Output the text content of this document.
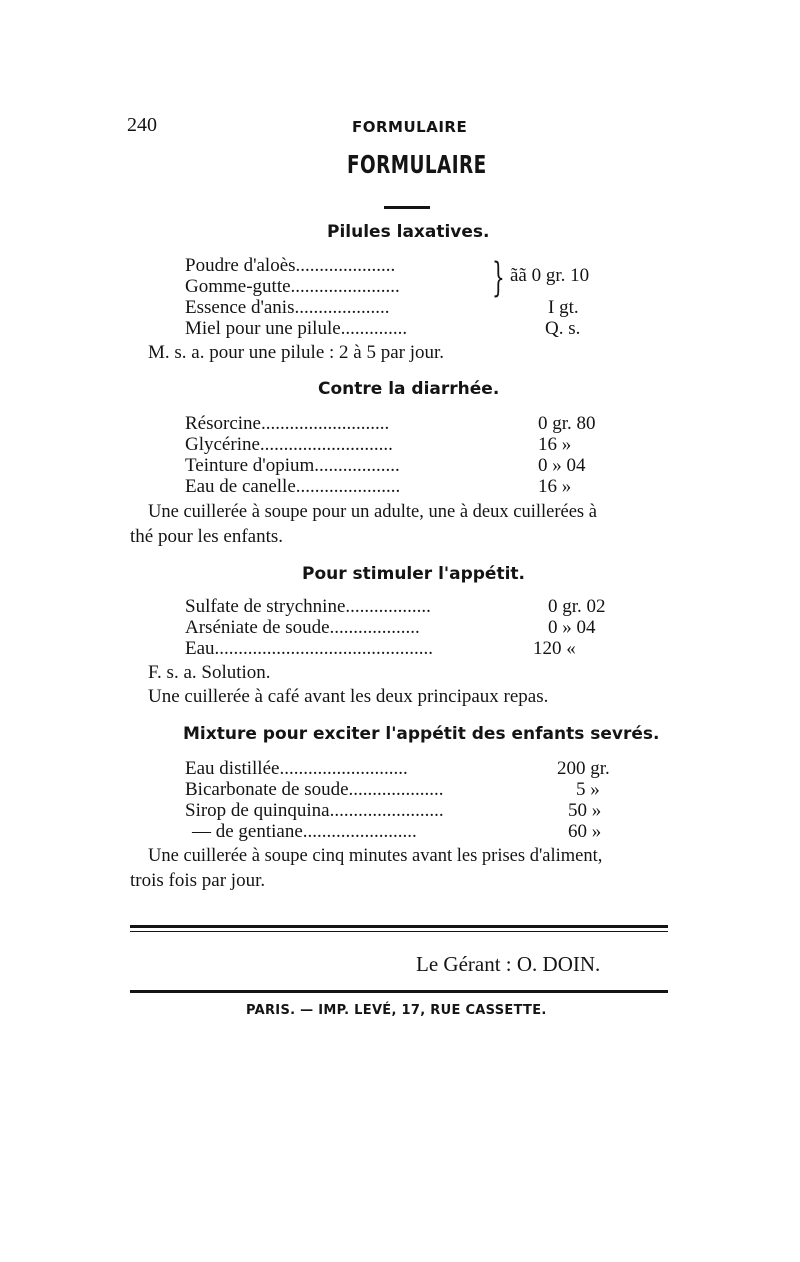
240	FORMULAIRE
FORMULAIRE
Pilules laxatives.
Poudre d'aloès.....................
Gomme-gutte....................... } ãã 0 gr. 10
Essence d'anis....................	I gt.
Miel pour une pilule..............	Q. s.
M. s. a. pour une pilule : 2 à 5 par jour.
Contre la diarrhée.
Résorcine...........................	0 gr. 80
Glycérine............................	16 »
Teinture d'opium..................	0 » 04
Eau de canelle......................	16 »
Une cuillerée à soupe pour un adulte, une à deux cuillerées à
thé pour les enfants.
Pour stimuler l'appétit.
Sulfate de strychnine..................	0 gr. 02
Arséniate de soude...................	0 » 04
Eau..............................................	120 «
F. s. a. Solution.
Une cuillerée à café avant les deux principaux repas.
Mixture pour exciter l'appétit des enfants sevrés.
Eau distillée...........................	200 gr.
Bicarbonate de soude....................	5 »
Sirop de quinquina........................	50 »
— de gentiane........................	60 »
Une cuillerée à soupe cinq minutes avant les prises d'aliment,
trois fois par jour.
Le Gérant : O. DOIN.
PARIS. — IMP. LEVÉ, 17, RUE CASSETTE.
